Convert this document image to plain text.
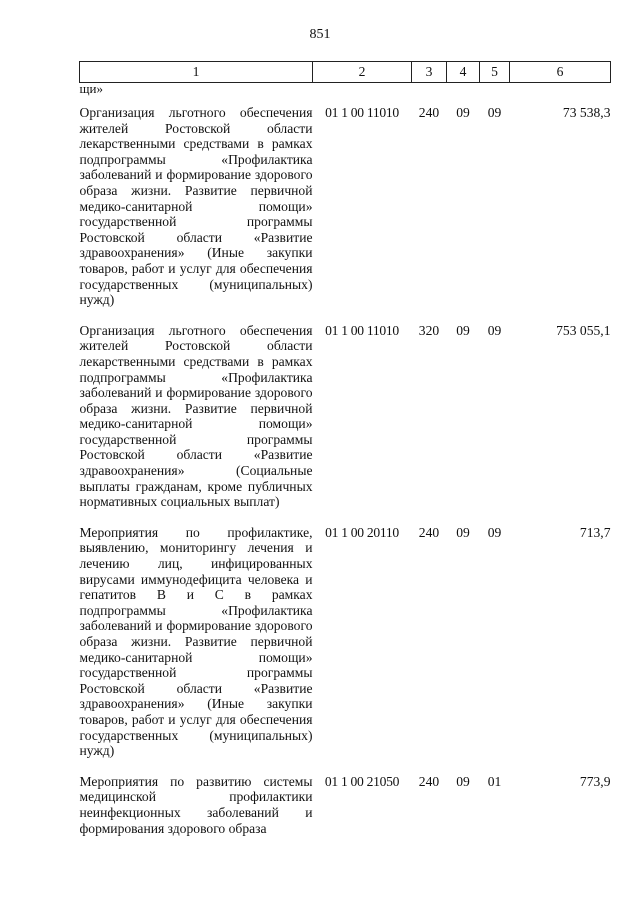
851
1	2	3	4	5	6
щи»					
Организация льготного обеспечения жителей Ростовской области лекарственными средствами в рамках подпрограммы «Профилактика заболеваний и формирование здорового образа жизни. Развитие первичной медико-санитарной помощи» государственной программы Ростовской области «Развитие здравоохранения» (Иные закупки товаров, работ и услуг для обеспечения государственных (муниципальных) нужд)	01 1 00 11010	240	09	09	73 538,3
Организация льготного обеспечения жителей Ростовской области лекарственными средствами в рамках подпрограммы «Профилактика заболеваний и формирование здорового образа жизни. Развитие первичной медико-санитарной помощи» государственной программы Ростовской области «Развитие здравоохранения» (Социальные выплаты гражданам, кроме публичных нормативных социальных выплат)	01 1 00 11010	320	09	09	753 055,1
Мероприятия по профилактике, выявлению, мониторингу лечения и лечению лиц, инфицированных вирусами иммунодефицита человека и гепатитов B и C в рамках подпрограммы «Профилактика заболеваний и формирование здорового образа жизни. Развитие первичной медико-санитарной помощи» государственной программы Ростовской области «Развитие здравоохранения» (Иные закупки товаров, работ и услуг для обеспечения государственных (муниципальных) нужд)	01 1 00 20110	240	09	09	713,7
Мероприятия по развитию системы медицинской профилактики неинфекционных заболеваний и формирования здорового образа	01 1 00 21050	240	09	01	773,9
